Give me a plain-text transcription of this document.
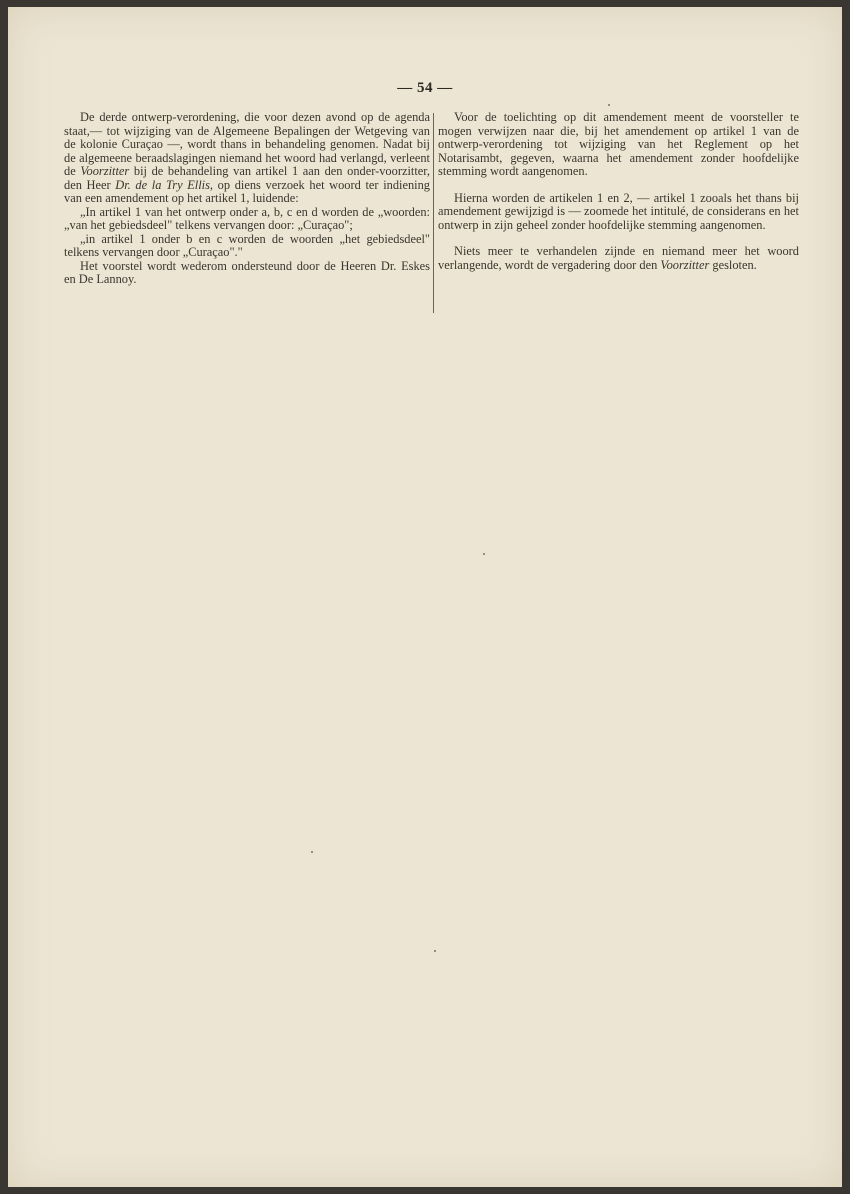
— 54 —

De derde ontwerp-verordening, die voor dezen avond op de agenda staat,— tot wijziging van de Algemeene Bepalingen der Wetgeving van de kolonie Curaçao —, wordt thans in behandeling genomen. Nadat bij de algemeene beraadslagingen niemand het woord had verlangd, verleent de Voorzitter bij de behandeling van artikel 1 aan den onder-voorzitter, den Heer Dr. de la Try Ellis, op diens verzoek het woord ter indiening van een amendement op het artikel 1, luidende:

„In artikel 1 van het ontwerp onder a, b, c en d worden de „woorden: „van het gebiedsdeel" telkens vervangen door: „Curaçao";

„in artikel 1 onder b en c worden de woorden „het gebiedsdeel" telkens vervangen door „Curaçao"."

Het voorstel wordt wederom ondersteund door de Heeren Dr. Eskes en De Lannoy.

Voor de toelichting op dit amendement meent de voorsteller te mogen verwijzen naar die, bij het amendement op artikel 1 van de ontwerp-verordening tot wijziging van het Reglement op het Notarisambt, gegeven, waarna het amendement zonder hoofdelijke stemming wordt aangenomen.

Hierna worden de artikelen 1 en 2, — artikel 1 zooals het thans bij amendement gewijzigd is — zoomede het intitulé, de considerans en het ontwerp in zijn geheel zonder hoofdelijke stemming aangenomen.

Niets meer te verhandelen zijnde en niemand meer het woord verlangende, wordt de vergadering door den Voorzitter gesloten.
